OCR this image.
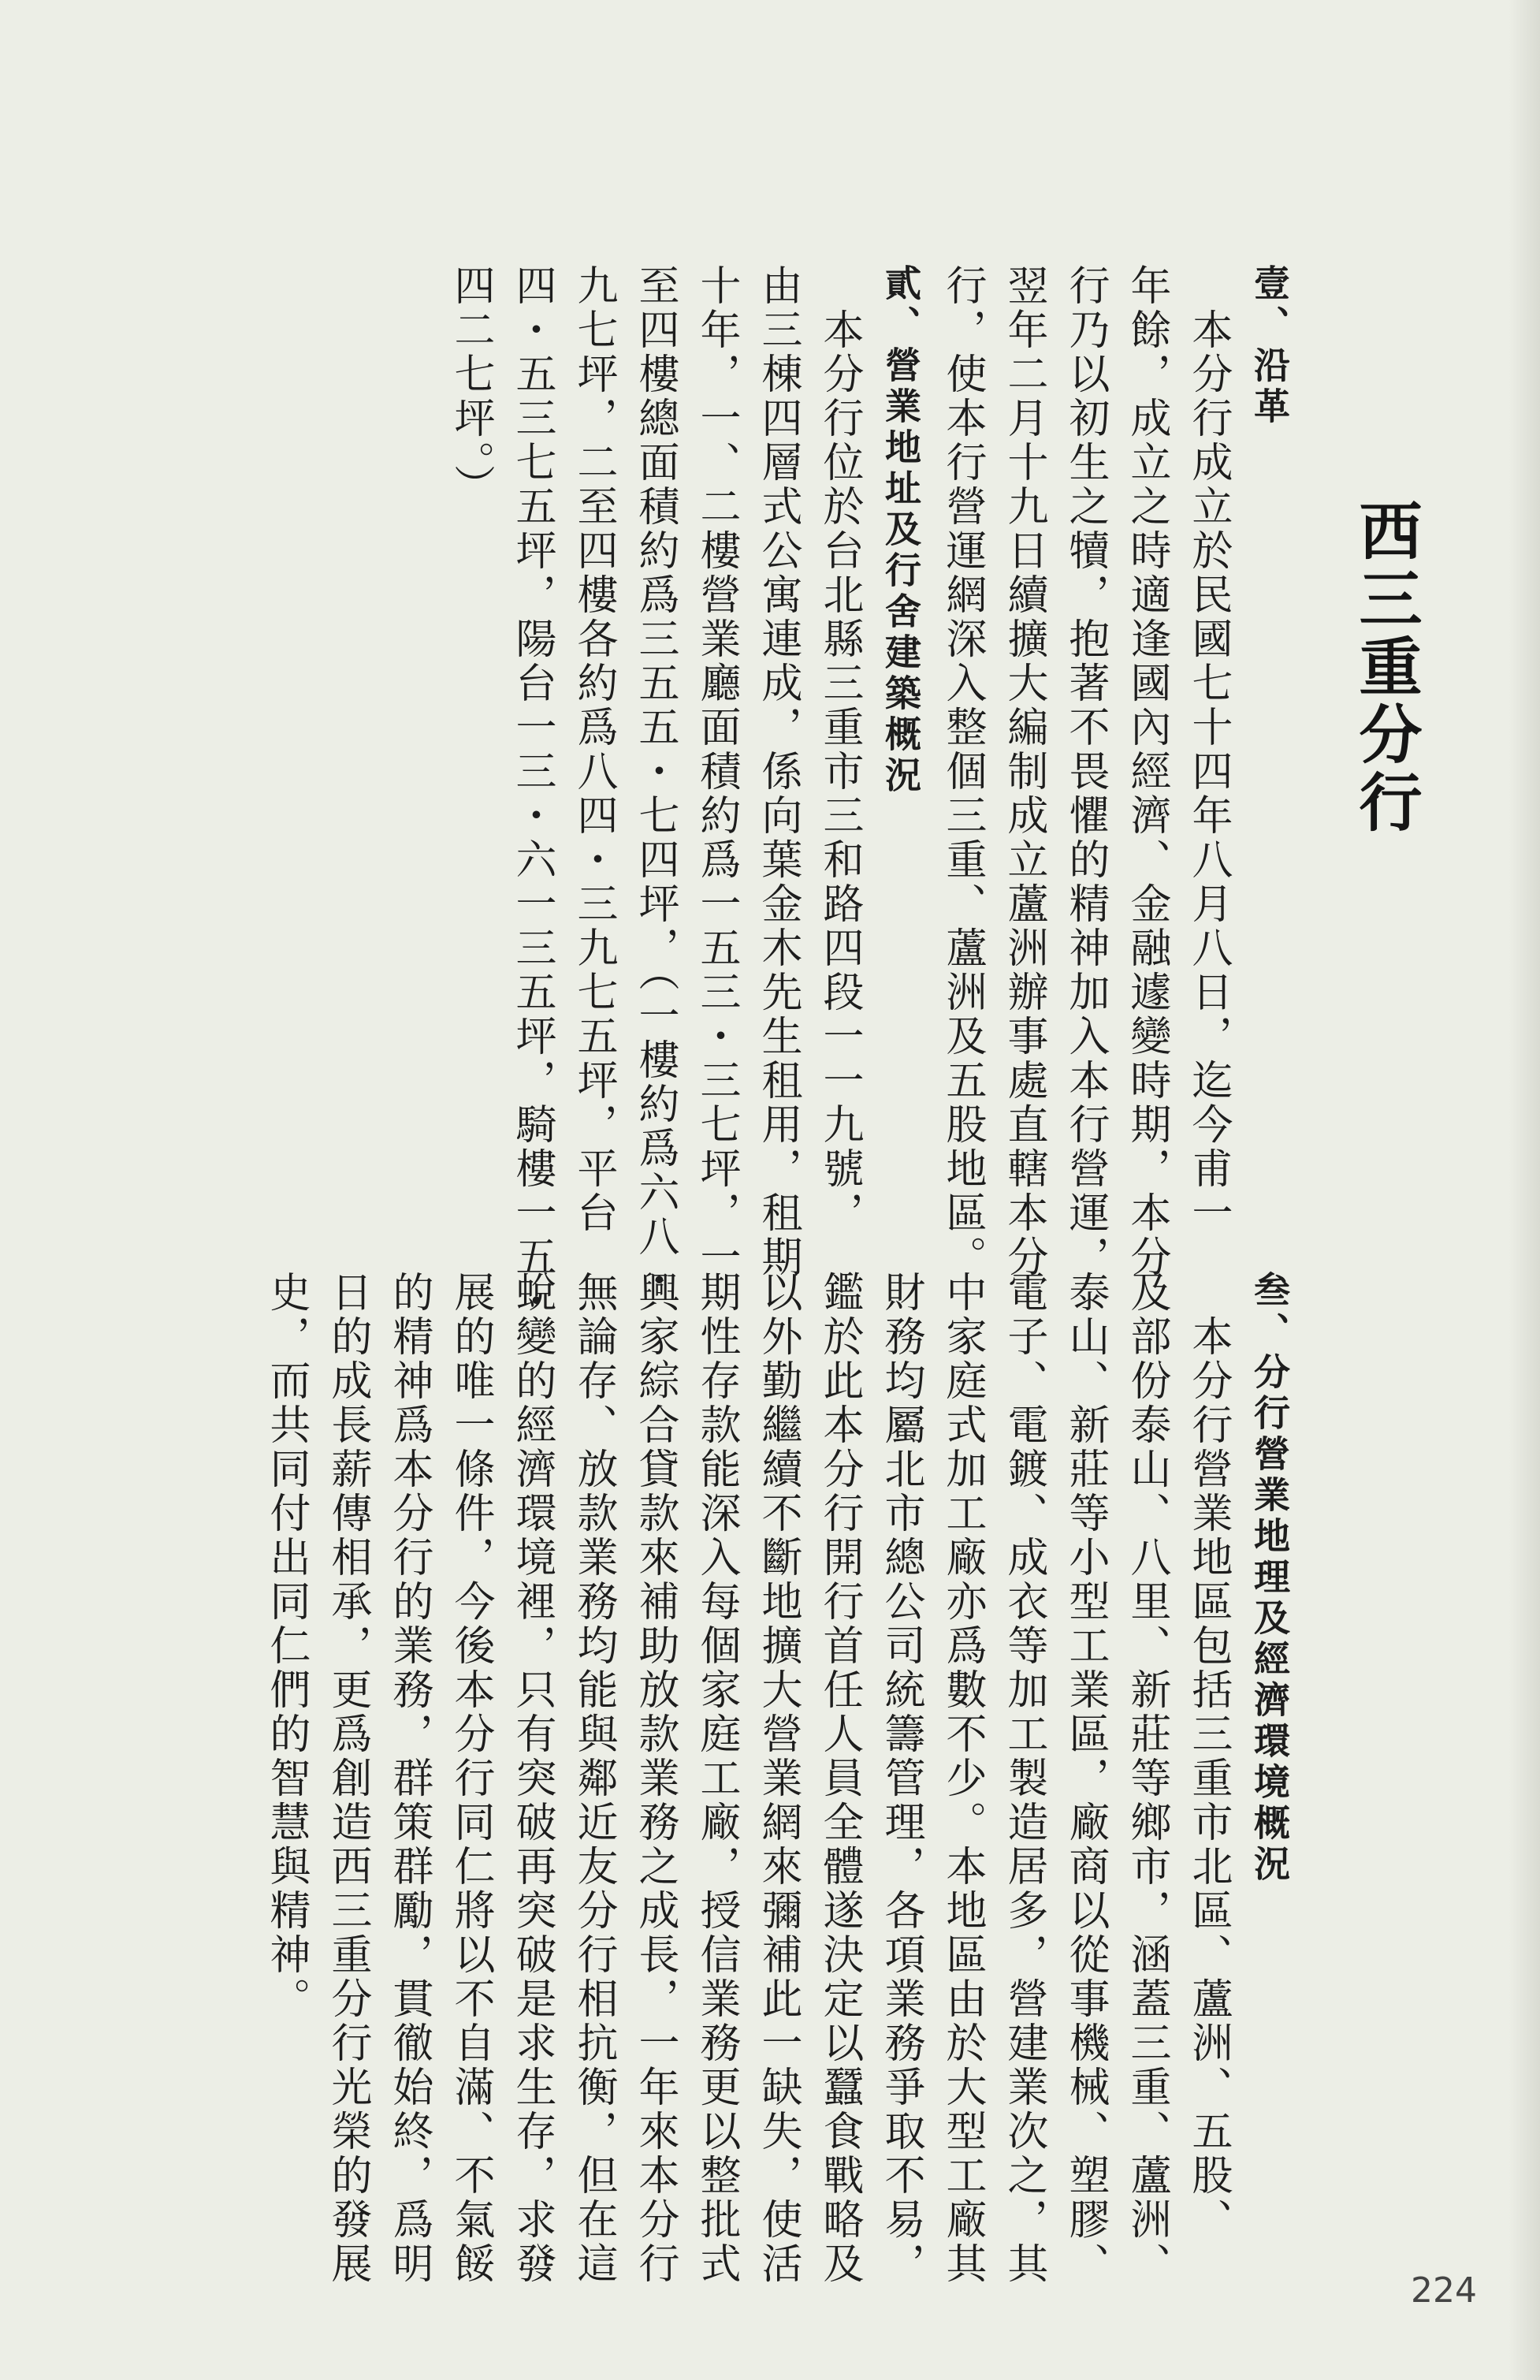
西三重分行
壹、沿革
　本分行成立於民國七十四年八月八日，迄今甫一
年餘，成立之時適逢國內經濟、金融遽變時期，本分
行乃以初生之犢，抱著不畏懼的精神加入本行營運，
翌年二月十九日續擴大編制成立蘆洲辦事處直轄本分
行，使本行營運網深入整個三重、蘆洲及五股地區。
貳、營業地址及行舍建築概況
　本分行位於台北縣三重市三和路四段一一九號，
由三棟四層式公寓連成，係向葉金木先生租用，租期
十年，一、二樓營業廳面積約爲一五三・三七坪，一
至四樓總面積約爲三五五・七四坪，（一樓約爲六八・
九七坪，二至四樓各約爲八四・三九七五坪，平台
四・五三七五坪，陽台一三・六一三五坪，騎樓一五・
四二七坪。）
叁、分行營業地理及經濟環境概況
　本分行營業地區包括三重市北區、蘆洲、五股、
及部份泰山、八里、新莊等鄉市，涵蓋三重、蘆洲、
泰山、新莊等小型工業區，廠商以從事機械、塑膠、
電子、電鍍、成衣等加工製造居多，營建業次之，其
中家庭式加工廠亦爲數不少。本地區由於大型工廠其
財務均屬北市總公司統籌管理，各項業務爭取不易，
鑑於此本分行開行首任人員全體遂決定以蠶食戰略及
以外勤繼續不斷地擴大營業網來彌補此一缺失，使活
期性存款能深入每個家庭工廠，授信業務更以整批式
興家綜合貸款來補助放款業務之成長，一年來本分行
無論存、放款業務均能與鄰近友分行相抗衡，但在這
蛻變的經濟環境裡，只有突破再突破是求生存，求發
展的唯一條件，今後本分行同仁將以不自滿、不氣餒
的精神爲本分行的業務，群策群勵，貫徹始終，爲明
日的成長薪傳相承，更爲創造西三重分行光榮的發展
史，而共同付出同仁們的智慧與精神。
224
